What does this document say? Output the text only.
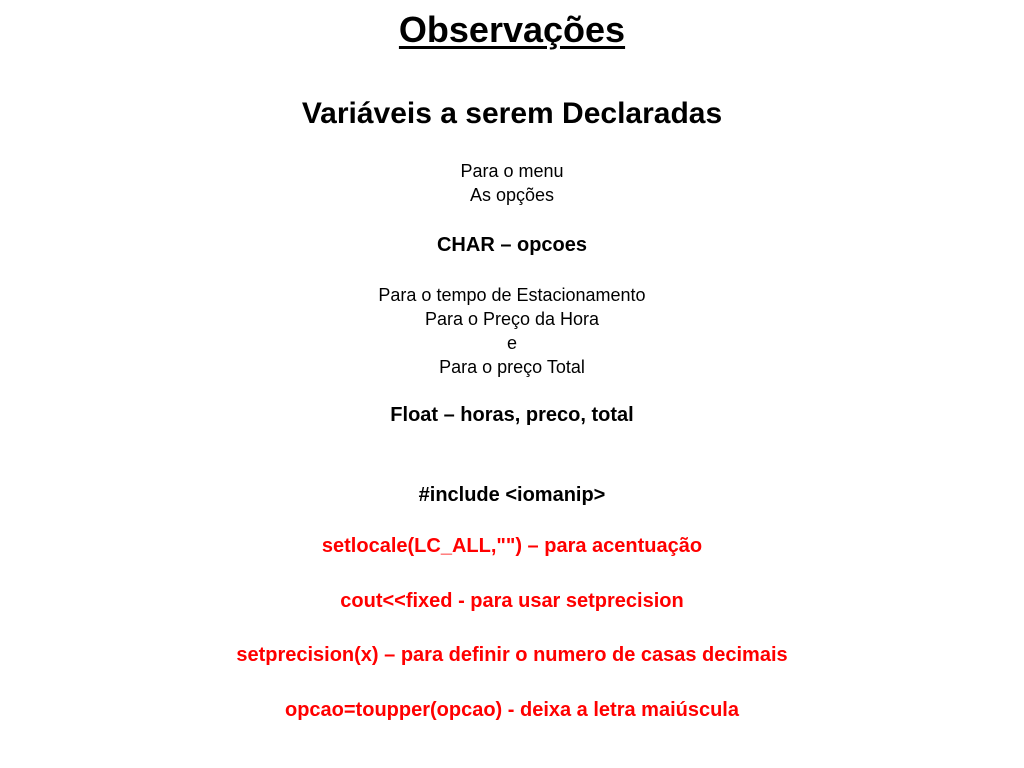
Observações
Variáveis a serem Declaradas
Para o menu
As opções
CHAR – opcoes
Para o tempo de Estacionamento
Para o Preço da Hora
e
Para o preço Total
Float – horas, preco, total
#include <iomanip>
setlocale(LC_ALL,"") – para acentuação
cout<<fixed - para usar setprecision
setprecision(x) – para definir o numero de casas decimais
opcao=toupper(opcao) - deixa a letra maiúscula
